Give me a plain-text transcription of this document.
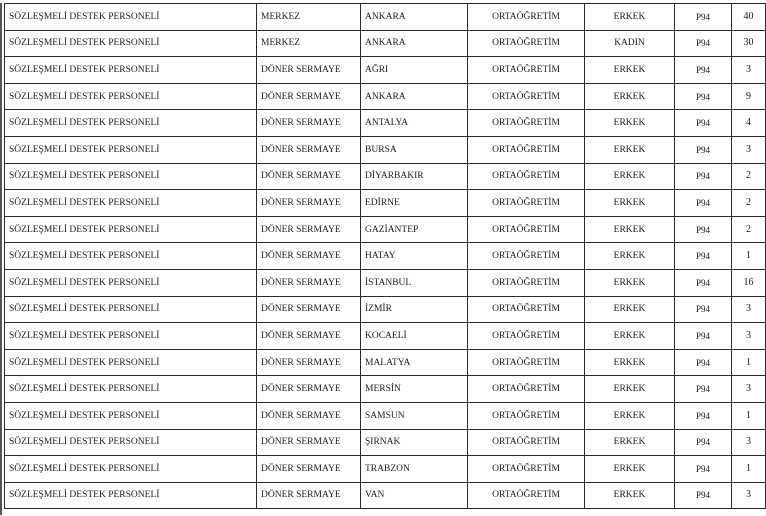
SÖZLEŞMELİ DESTEK PERSONELİ	MERKEZ	ANKARA	ORTAÖĞRETİM	ERKEK	P94	40
SÖZLEŞMELİ DESTEK PERSONELİ	MERKEZ	ANKARA	ORTAÖĞRETİM	KADIN	P94	30
SÖZLEŞMELİ DESTEK PERSONELİ	DÖNER SERMAYE	AĞRI	ORTAÖĞRETİM	ERKEK	P94	3
SÖZLEŞMELİ DESTEK PERSONELİ	DÖNER SERMAYE	ANKARA	ORTAÖĞRETİM	ERKEK	P94	9
SÖZLEŞMELİ DESTEK PERSONELİ	DÖNER SERMAYE	ANTALYA	ORTAÖĞRETİM	ERKEK	P94	4
SÖZLEŞMELİ DESTEK PERSONELİ	DÖNER SERMAYE	BURSA	ORTAÖĞRETİM	ERKEK	P94	3
SÖZLEŞMELİ DESTEK PERSONELİ	DÖNER SERMAYE	DİYARBAKIR	ORTAÖĞRETİM	ERKEK	P94	2
SÖZLEŞMELİ DESTEK PERSONELİ	DÖNER SERMAYE	EDİRNE	ORTAÖĞRETİM	ERKEK	P94	2
SÖZLEŞMELİ DESTEK PERSONELİ	DÖNER SERMAYE	GAZİANTEP	ORTAÖĞRETİM	ERKEK	P94	2
SÖZLEŞMELİ DESTEK PERSONELİ	DÖNER SERMAYE	HATAY	ORTAÖĞRETİM	ERKEK	P94	1
SÖZLEŞMELİ DESTEK PERSONELİ	DÖNER SERMAYE	İSTANBUL	ORTAÖĞRETİM	ERKEK	P94	16
SÖZLEŞMELİ DESTEK PERSONELİ	DÖNER SERMAYE	İZMİR	ORTAÖĞRETİM	ERKEK	P94	3
SÖZLEŞMELİ DESTEK PERSONELİ	DÖNER SERMAYE	KOCAELİ	ORTAÖĞRETİM	ERKEK	P94	3
SÖZLEŞMELİ DESTEK PERSONELİ	DÖNER SERMAYE	MALATYA	ORTAÖĞRETİM	ERKEK	P94	1
SÖZLEŞMELİ DESTEK PERSONELİ	DÖNER SERMAYE	MERSİN	ORTAÖĞRETİM	ERKEK	P94	3
SÖZLEŞMELİ DESTEK PERSONELİ	DÖNER SERMAYE	SAMSUN	ORTAÖĞRETİM	ERKEK	P94	1
SÖZLEŞMELİ DESTEK PERSONELİ	DÖNER SERMAYE	ŞIRNAK	ORTAÖĞRETİM	ERKEK	P94	3
SÖZLEŞMELİ DESTEK PERSONELİ	DÖNER SERMAYE	TRABZON	ORTAÖĞRETİM	ERKEK	P94	1
SÖZLEŞMELİ DESTEK PERSONELİ	DÖNER SERMAYE	VAN	ORTAÖĞRETİM	ERKEK	P94	3
